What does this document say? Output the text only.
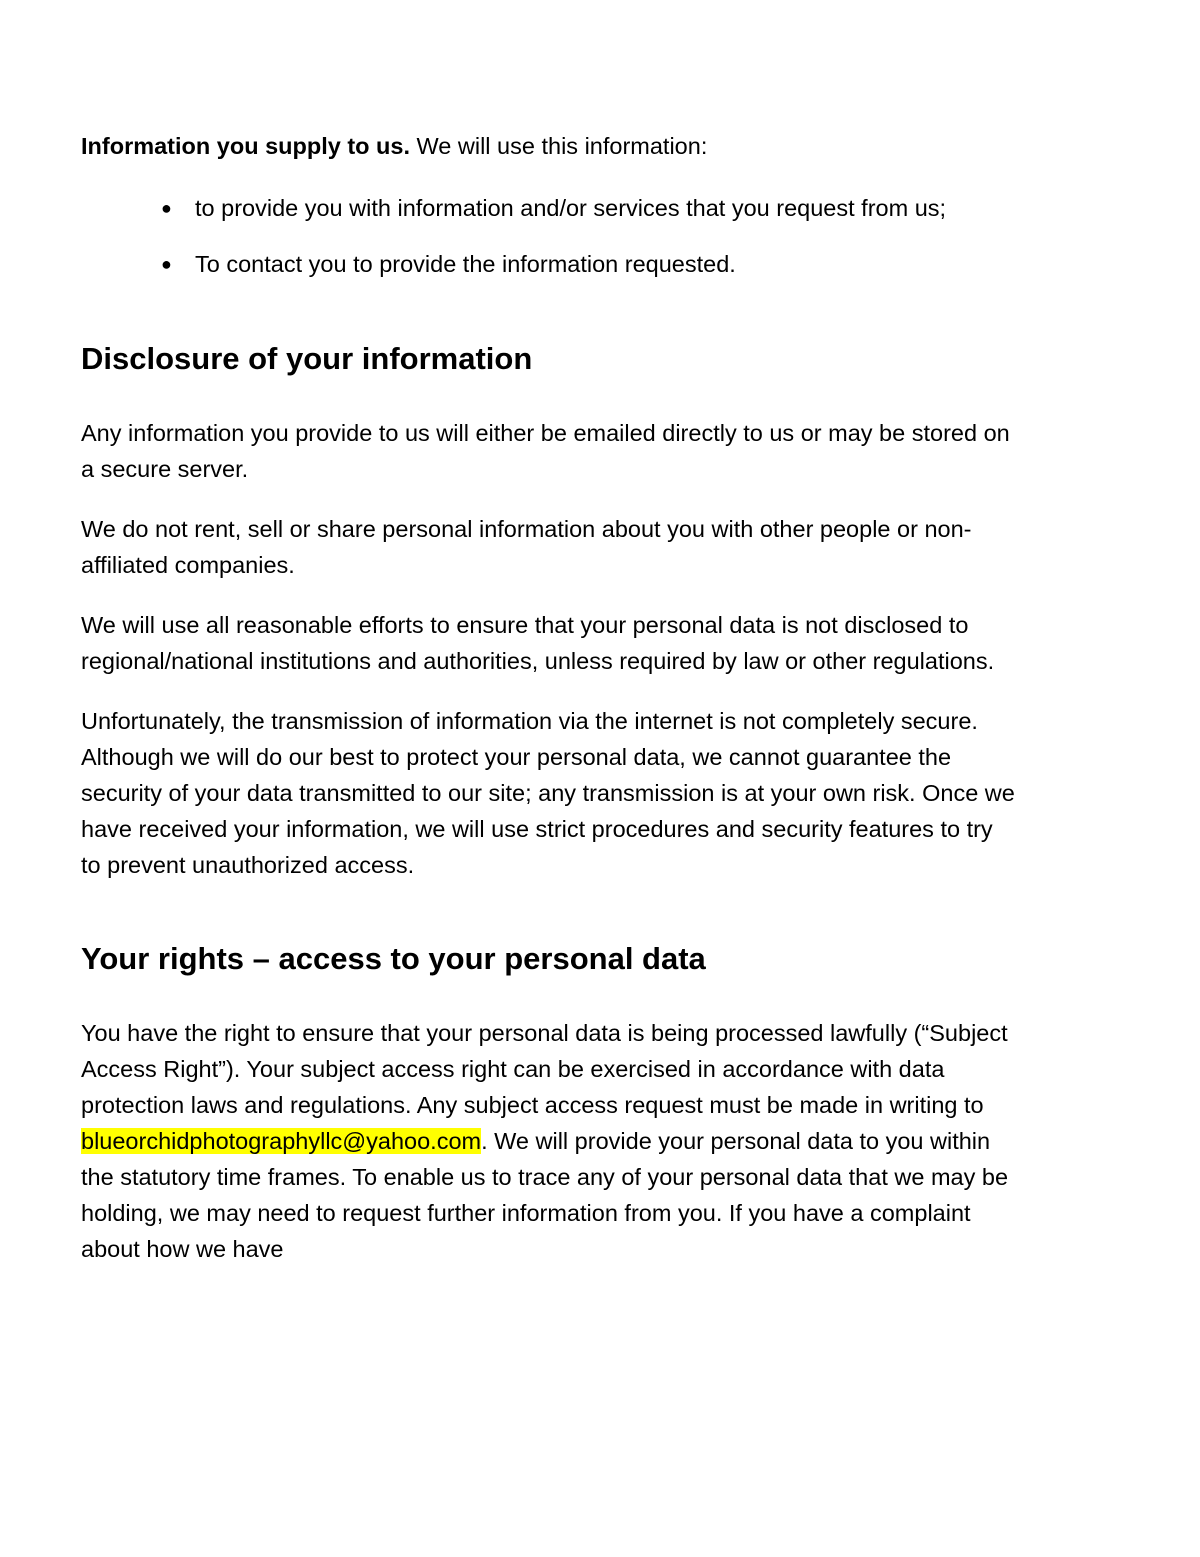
Information you supply to us. We will use this information:

● to provide you with information and/or services that you request from us;
● To contact you to provide the information requested.
Disclosure of your information

Any information you provide to us will either be emailed directly to us or may be stored on a secure server.

We do not rent, sell or share personal information about you with other people or non-affiliated companies.

We will use all reasonable efforts to ensure that your personal data is not disclosed to regional/national institutions and authorities, unless required by law or other regulations.

Unfortunately, the transmission of information via the internet is not completely secure. Although we will do our best to protect your personal data, we cannot guarantee the security of your data transmitted to our site; any transmission is at your own risk. Once we have received your information, we will use strict procedures and security features to try to prevent unauthorized access.

Your rights – access to your personal data

You have the right to ensure that your personal data is being processed lawfully (“Subject Access Right”). Your subject access right can be exercised in accordance with data protection laws and regulations. Any subject access request must be made in writing to blueorchidphotographyllc@yahoo.com. We will provide your personal data to you within the statutory time frames. To enable us to trace any of your personal data that we may be holding, we may need to request further information from you. If you have a complaint about how we have
